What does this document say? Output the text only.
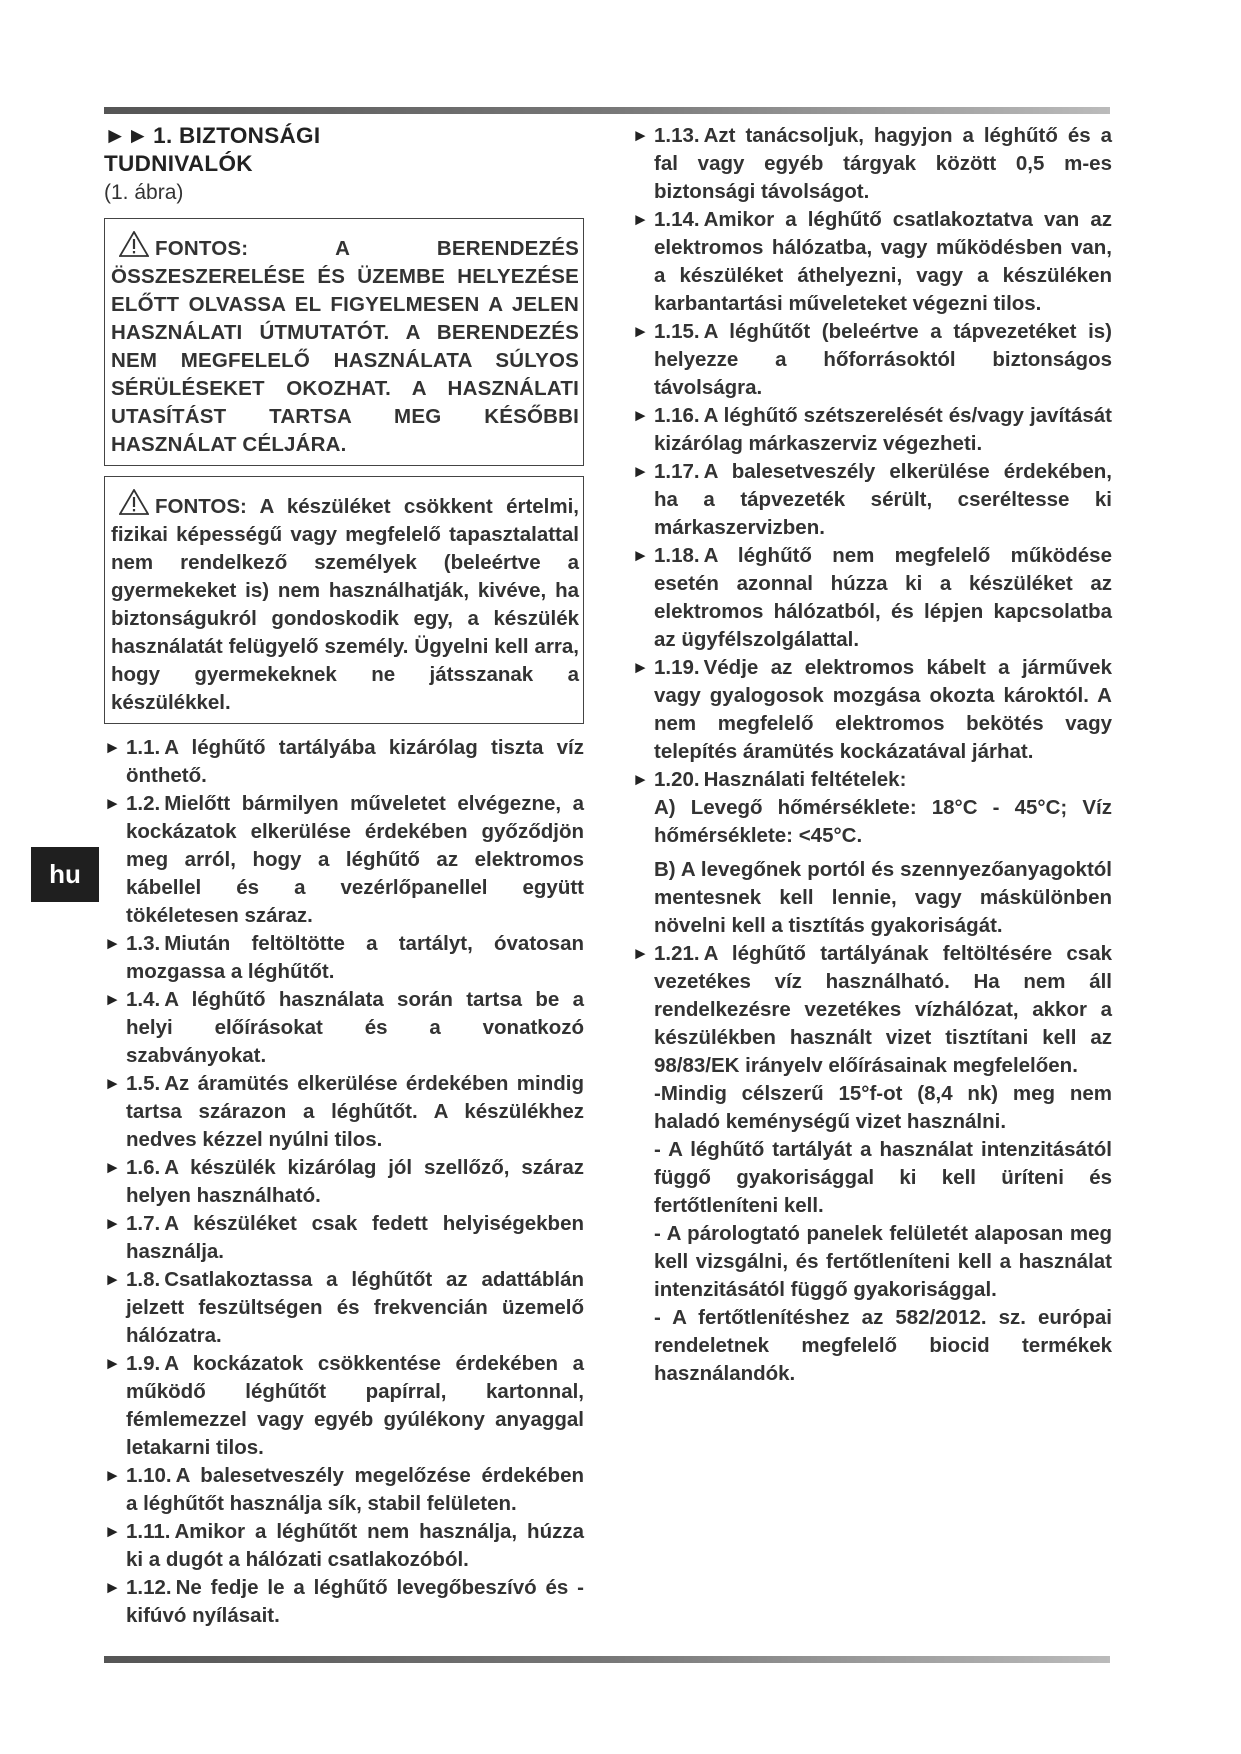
►► 1. BIZTONSÁGI
TUDNIVALÓK
(1. ábra)
FONTOS: A BERENDEZÉS ÖSSZESZERELÉSE ÉS ÜZEMBE HELYEZÉSE ELŐTT OLVASSA EL FIGYELMESEN A JELEN HASZNÁLATI ÚTMUTATÓT. A BERENDEZÉS NEM MEGFELELŐ HASZNÁLATA SÚLYOS SÉRÜLÉSEKET OKOZHAT. A HASZNÁLATI UTASÍTÁST TARTSA MEG KÉSŐBBI HASZNÁLAT CÉLJÁRA.
FONTOS: A készüléket csökkent értelmi, fizikai képességű vagy megfelelő tapasztalattal nem rendelkező személyek (beleértve a gyermekeket is) nem használhatják, kivéve, ha biztonságukról gondoskodik egy, a készülék használatát felügyelő személy. Ügyelni kell arra, hogy gyermekeknek ne játsszanak a készülékkel.
► 1.1. A léghűtő tartályába kizárólag tiszta víz önthető.
► 1.2. Mielőtt bármilyen műveletet elvégezne, a kockázatok elkerülése érdekében győződjön meg arról, hogy a léghűtő az elektromos kábellel és a vezérlőpanellel együtt tökéletesen száraz.
► 1.3. Miután feltöltötte a tartályt, óvatosan mozgassa a léghűtőt.
► 1.4. A léghűtő használata során tartsa be a helyi előírásokat és a vonatkozó szabványokat.
► 1.5. Az áramütés elkerülése érdekében mindig tartsa szárazon a léghűtőt. A készülékhez nedves kézzel nyúlni tilos.
► 1.6. A készülék kizárólag jól szellőző, száraz helyen használható.
► 1.7. A készüléket csak fedett helyiségekben használja.
► 1.8. Csatlakoztassa a léghűtőt az adattáblán jelzett feszültségen és frekvencián üzemelő hálózatra.
► 1.9. A kockázatok csökkentése érdekében a működő léghűtőt papírral, kartonnal, fémlemezzel vagy egyéb gyúlékony anyaggal letakarni tilos.
► 1.10. A balesetveszély megelőzése érdekében a léghűtőt használja sík, stabil felületen.
► 1.11. Amikor a léghűtőt nem használja, húzza ki a dugót a hálózati csatlakozóból.
► 1.12. Ne fedje le a léghűtő levegőbeszívó és -kifúvó nyílásait.
► 1.13. Azt tanácsoljuk, hagyjon a léghűtő és a fal vagy egyéb tárgyak között 0,5 m-es biztonsági távolságot.
► 1.14. Amikor a léghűtő csatlakoztatva van az elektromos hálózatba, vagy működésben van, a készüléket áthelyezni, vagy a készüléken karbantartási műveleteket végezni tilos.
► 1.15. A léghűtőt (beleértve a tápvezetéket is) helyezze a hőforrásoktól biztonságos távolságra.
► 1.16. A léghűtő szétszerelését és/vagy javítását kizárólag márkaszerviz végezheti.
► 1.17. A balesetveszély elkerülése érdekében, ha a tápvezeték sérült, cseréltesse ki márkaszervizben.
► 1.18. A léghűtő nem megfelelő működése esetén azonnal húzza ki a készüléket az elektromos hálózatból, és lépjen kapcsolatba az ügyfélszolgálattal.
► 1.19. Védje az elektromos kábelt a járművek vagy gyalogosok mozgása okozta károktól. A nem megfelelő elektromos bekötés vagy telepítés áramütés kockázatával járhat.
► 1.20. Használati feltételek:
A) Levegő hőmérséklete: 18°C - 45°C; Víz hőmérséklete: <45°C.
B) A levegőnek portól és szennyezőanyagoktól mentesnek kell lennie, vagy máskülönben növelni kell a tisztítás gyakoriságát.
► 1.21. A léghűtő tartályának feltöltésére csak vezetékes víz használható. Ha nem áll rendelkezésre vezetékes vízhálózat, akkor a készülékben használt vizet tisztítani kell az 98/83/EK irányelv előírásainak megfelelően.
-Mindig célszerű 15°f-ot (8,4 nk) meg nem haladó keménységű vizet használni.
- A léghűtő tartályát a használat intenzitásától függő gyakorisággal ki kell üríteni és fertőtleníteni kell.
- A párologtató panelek felületét alaposan meg kell vizsgálni, és fertőtleníteni kell a használat intenzitásától függő gyakorisággal.
- A fertőtlenítéshez az 582/2012. sz. európai rendeletnek megfelelő biocid termékek használandók.
hu
